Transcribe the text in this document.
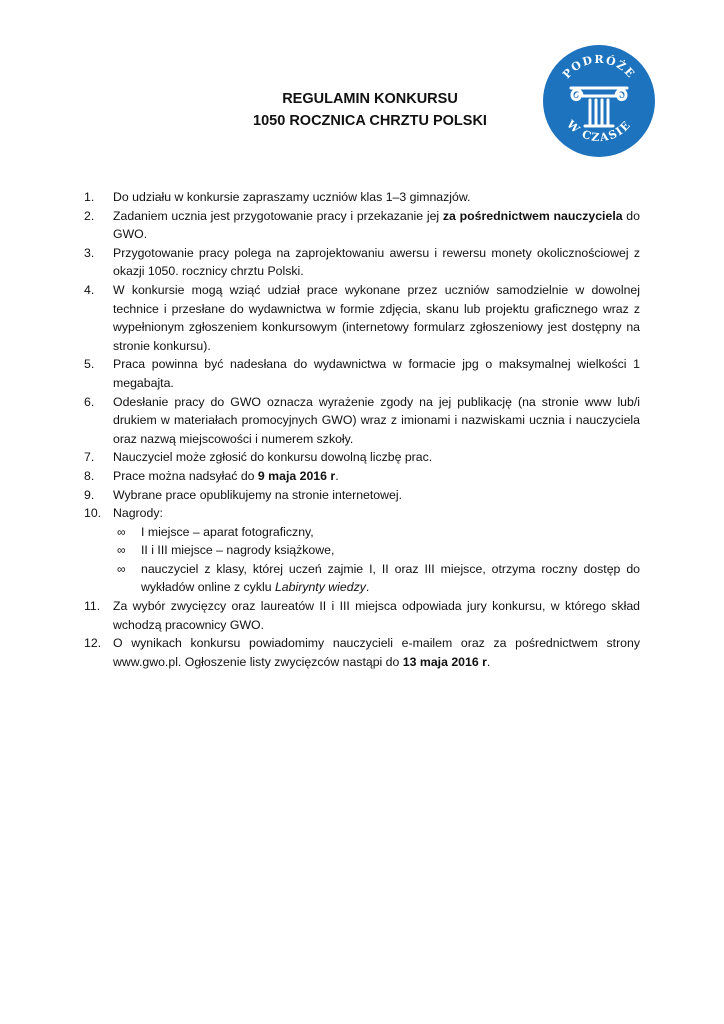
PODRÓŻE
W CZASIE
REGULAMIN KONKURSU
1050 ROCZNICA CHRZTU POLSKI
1.	Do udziału w konkursie zapraszamy uczniów klas 1–3 gimnazjów.
2.	Zadaniem ucznia jest przygotowanie pracy i przekazanie jej za pośrednictwem nauczyciela do GWO.
3.	Przygotowanie pracy polega na zaprojektowaniu awersu i rewersu monety okolicznościowej z okazji 1050. rocznicy chrztu Polski.
4.	W konkursie mogą wziąć udział prace wykonane przez uczniów samodzielnie w dowolnej technice i przesłane do wydawnictwa w formie zdjęcia, skanu lub projektu graficznego wraz z wypełnionym zgłoszeniem konkursowym (internetowy formularz zgłoszeniowy jest dostępny na stronie konkursu).
5.	Praca powinna być nadesłana do wydawnictwa w formacie jpg o maksymalnej wielkości 1 megabajta.
6.	Odesłanie pracy do GWO oznacza wyrażenie zgody na jej publikację (na stronie www lub/i drukiem w materiałach promocyjnych GWO) wraz z imionami i nazwiskami ucznia i nauczyciela oraz nazwą miejscowości i numerem szkoły.
7.	Nauczyciel może zgłosić do konkursu dowolną liczbę prac.
8.	Prace można nadsyłać do 9 maja 2016 r.
9.	Wybrane prace opublikujemy na stronie internetowej.
10. Nagrody:
∞ I miejsce – aparat fotograficzny,
∞ II i III miejsce – nagrody książkowe,
∞ nauczyciel z klasy, której uczeń zajmie I, II oraz III miejsce, otrzyma roczny dostęp do wykładów online z cyklu Labirynty wiedzy.
11.	Za wybór zwycięzcy oraz laureatów II i III miejsca odpowiada jury konkursu, w którego skład wchodzą pracownicy GWO.
12. O wynikach konkursu powiadomimy nauczycieli e-mailem oraz za pośrednictwem strony www.gwo.pl. Ogłoszenie listy zwycięzców nastąpi do 13 maja 2016 r.
